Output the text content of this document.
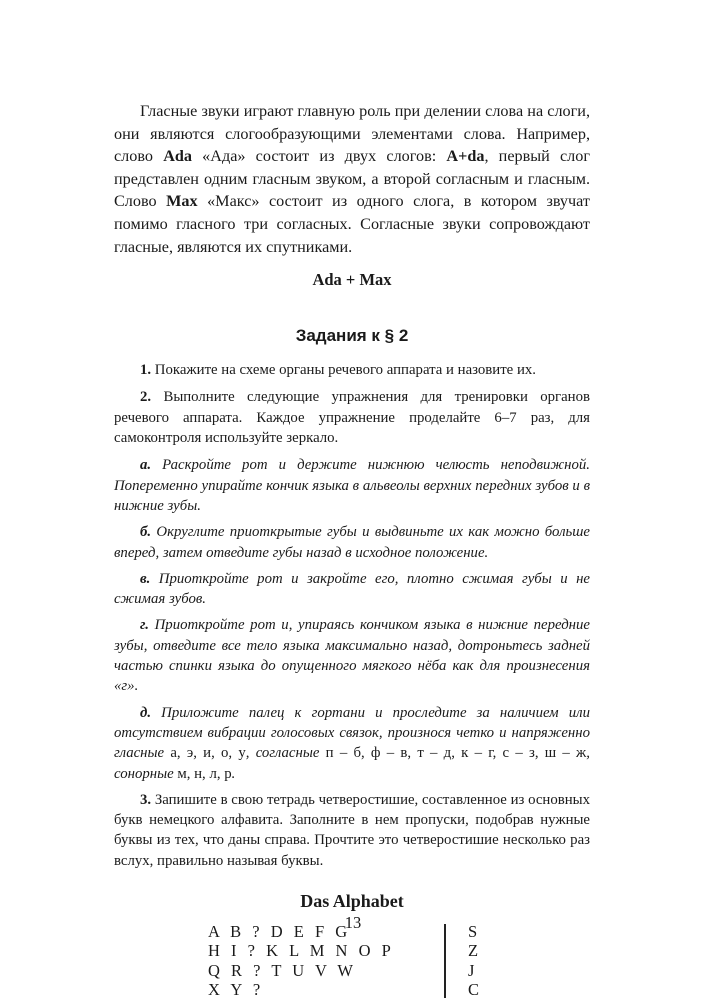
Гласные звуки играют главную роль при делении слова на слоги, они являются слогообразующими элементами слова. Например, слово Ada «Ада» состоит из двух слогов: A+da, первый слог представлен одним гласным звуком, а второй согласным и гласным. Слово Max «Макс» состоит из одного слога, в котором звучат помимо гласного три согласных. Согласные звуки сопровождают гласные, являются их спутниками.

Ada + Max
Задания к § 2

1. Покажите на схеме органы речевого аппарата и назовите их.

2. Выполните следующие упражнения для тренировки органов речевого аппарата. Каждое упражнение проделайте 6–7 раз, для самоконтроля используйте зеркало.

а. Раскройте рот и держите нижнюю челюсть неподвижной. Попеременно упирайте кончик языка в альвеолы верхних передних зубов и в нижние зубы.

б. Округлите приоткрытые губы и выдвиньте их как можно больше вперед, затем отведите губы назад в исходное положение.

в. Приоткройте рот и закройте его, плотно сжимая губы и не сжимая зубов.

г. Приоткройте рот и, упираясь кончиком языка в нижние передние зубы, отведите все тело языка максимально назад, дотроньтесь задней частью спинки языка до опущенного мягкого нёба как для произнесения «г».

д. Приложите палец к гортани и проследите за наличием или отсутствием вибрации голосовых связок, произнося четко и напряженно гласные а, э, и, о, у, согласные п – б, ф – в, т – д, к – г, с – з, ш – ж, сонорные м, н, л, р.

3. Запишите в свою тетрадь четверостишие, составленное из основных букв немецкого алфавита. Заполните в нем пропуски, подобрав нужные буквы из тех, что даны справа. Прочтите это четверостишие несколько раз вслух, правильно называя буквы.

Das Alphabet
A B ? D E F G
H I ? K L M N O P
Q R ? T U V W
X Y ?
S
Z
J
C
13
